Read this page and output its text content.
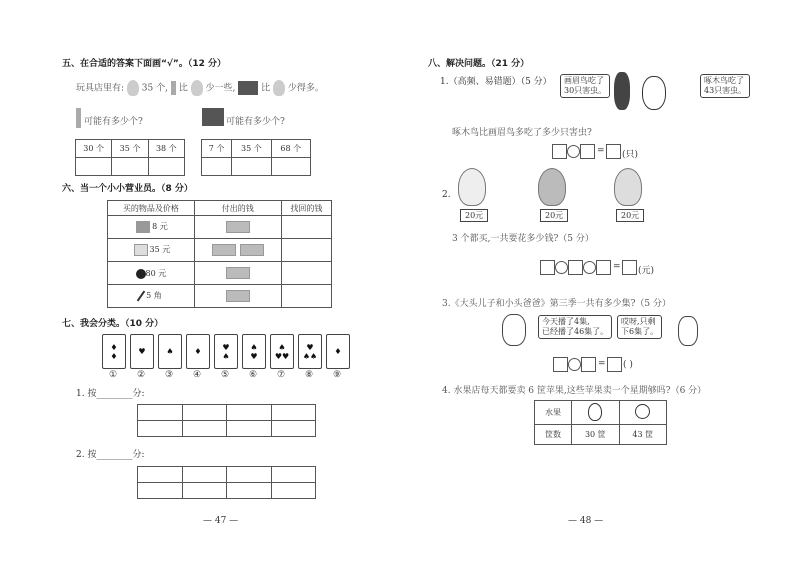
五、在合适的答案下面画“√”。（12 分）
玩具店里有: 35 个, 比 少一些,	比 少得多。
可能有多少个?	可能有多少个?
30 个	35 个	38 个
			7 个	35 个	68 个

六、当一个小小营业员。（8 分）
买的物品及价格	付出的钱	找回的钱
8 元		
35 元		
80 元		
5 角		
七、我会分类。（10 分）
♦
♦
①
♥
②
♠
③
♦
④
♥
♠
⑤
♠
♥
⑥
♠
♥♥
⑦
♥
♠♠
⑧
♦
⑨
1. 按________分:

2. 按________分:

— 47 —
八、解决问题。（21 分）
1.（高频、易错题）（5 分）	画眉鸟吃了
30只害虫。
啄木鸟吃了
43只害虫。
啄木鸟比画眉鸟多吃了多少只害虫?
= (只)
2.
20元	20元	20元
3 个都买,一共要花多少钱?（5 分）
= (元)
3.《大头儿子和小头爸爸》第三季一共有多少集?（5 分）
今天播了4集,
已经播了46集了。
哎呀,只剩
下6集了。
= ( )
4. 水果店每天都要卖 6 筐苹果,这些苹果卖一个星期够吗?（6 分）
水果		
筐数	30 筐	43 筐
— 48 —
